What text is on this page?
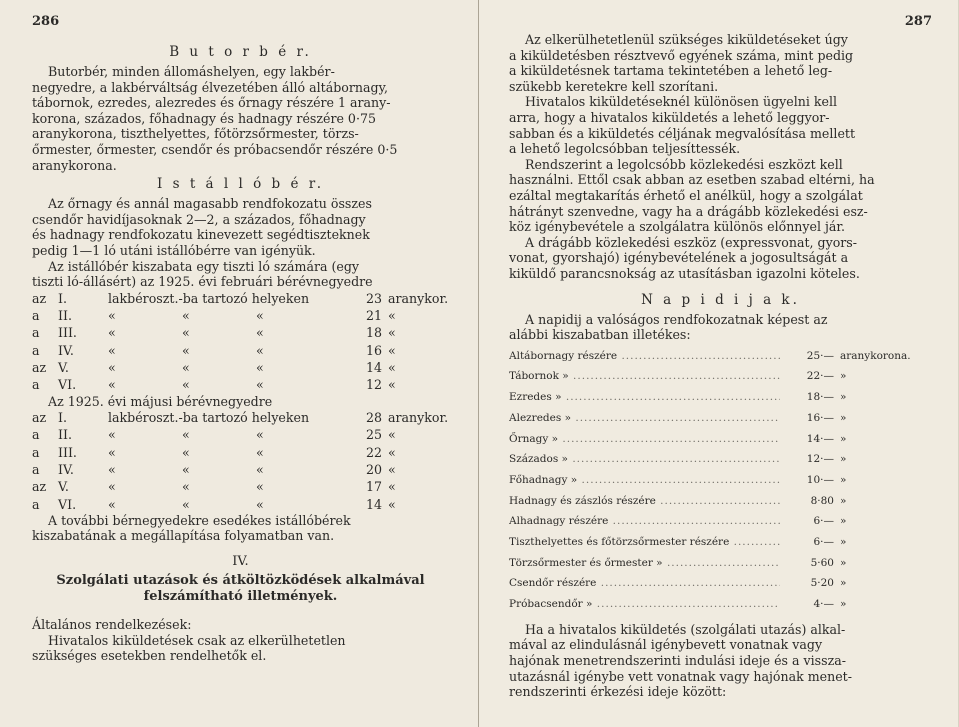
286
B u t o r b é r.
Butorbér, minden állomáshelyen, egy lakbér-
negyedre, a lakbérváltság élvezetében álló altábornagy,
tábornok, ezredes, alezredes és őrnagy részére 1 arany-
korona, százados, főhadnagy és hadnagy részére 0·75
aranykorona, tiszthelyettes, főtörzsőrmester, törzs-
őrmester, őrmester, csendőr és próbacsendőr részére 0·5
aranykorona.
I s t á l l ó b é r.
Az őrnagy és annál magasabb rendfokozatu összes
csendőr havidíjasoknak 2—2, a százados, főhadnagy
és hadnagy rendfokozatu kinevezett segédtiszteknek
pedig 1—1 ló utáni istállóbérre van igényük.
Az istállóbér kiszabata egy tiszti ló számára (egy
tiszti ló-állásért) az 1925. évi februári bérévnegyedre
az I.	lakbéroszt.-ba tartozó helyeken	23 aranykor.
a	II.	«	«	«	21 «
a	III.	«	«	«	18 «
a	IV.	«	«	«	16 «
az V.	«	«	«	14 «
a	VI.	«	«	«	12 «
Az 1925. évi májusi bérévnegyedre
az I.	lakbéroszt.-ba tartozó helyeken	28 aranykor.
a	II.	«	«	«	25 «
a	III.	«	«	«	22 «
a	IV.	«	«	«	20 «
az V.	«	«	«	17 «
a	VI.	«	«	«	14 «
A további bérnegyedekre esedékes istállóbérek
kiszabatának a megállapítása folyamatban van.
IV.
Szolgálati utazások és átköltözködések alkalmával
felszámítható illetmények.
Általános rendelkezések:
Hivatalos kiküldetések csak az elkerülhetetlen
szükséges esetekben rendelhetők el.
287
Az elkerülhetetlenül szükséges kiküldetéseket úgy
a kiküldetésben résztvevő egyének száma, mint pedig
a kiküldetésnek tartama tekintetében a lehető leg-
szükebb keretekre kell szorítani.
Hivatalos kiküldetéseknél különösen ügyelni kell
arra, hogy a hivatalos kiküldetés a lehető leggyor-
sabban és a kiküldetés céljának megvalósítása mellett
a lehető legolcsóbban teljesíttessék.
Rendszerint a legolcsóbb közlekedési eszközt kell
használni. Ettől csak abban az esetben szabad eltérni, ha
ezáltal megtakarítás érhető el anélkül, hogy a szolgálat
hátrányt szenvedne, vagy ha a drágább közlekedési esz-
köz igénybevétele a szolgálatra különös előnnyel jár.
A drágább közlekedési eszköz (expressvonat, gyors-
vonat, gyorshajó) igénybevételének a jogosultságát a
kiküldő parancsnokság az utasításban igazolni köteles.
N a p i d i j a k.
A napidij a valóságos rendfokozatnak képest az
alábbi kiszabatban illetékes:
Altábornagy részére .....	25·— aranykorona.
Tábornok » .....	22·— »
Ezredes » .....	18·— »
Alezredes » .....	16·— »
Őrnagy » .....	14·— »
Százados » .....	12·— »
Főhadnagy » .....	10·— »
Hadnagy és zászlós részére .....	8·80 »
Alhadnagy részére .....	6·— »
Tiszthelyettes és főtörzsőrmester részére .....	6·— »
Törzsőrmester és őrmester » .....	5·60 »
Csendőr részére .....	5·20 »
Próbacsendőr » .....	4·— »
Ha a hivatalos kiküldetés (szolgálati utazás) alkal-
mával az elindulásnál igénybevett vonatnak vagy
hajónak menetrendszerinti indulási ideje és a vissza-
utazásnál igénybe vett vonatnak vagy hajónak menet-
rendszerinti érkezési ideje között:
